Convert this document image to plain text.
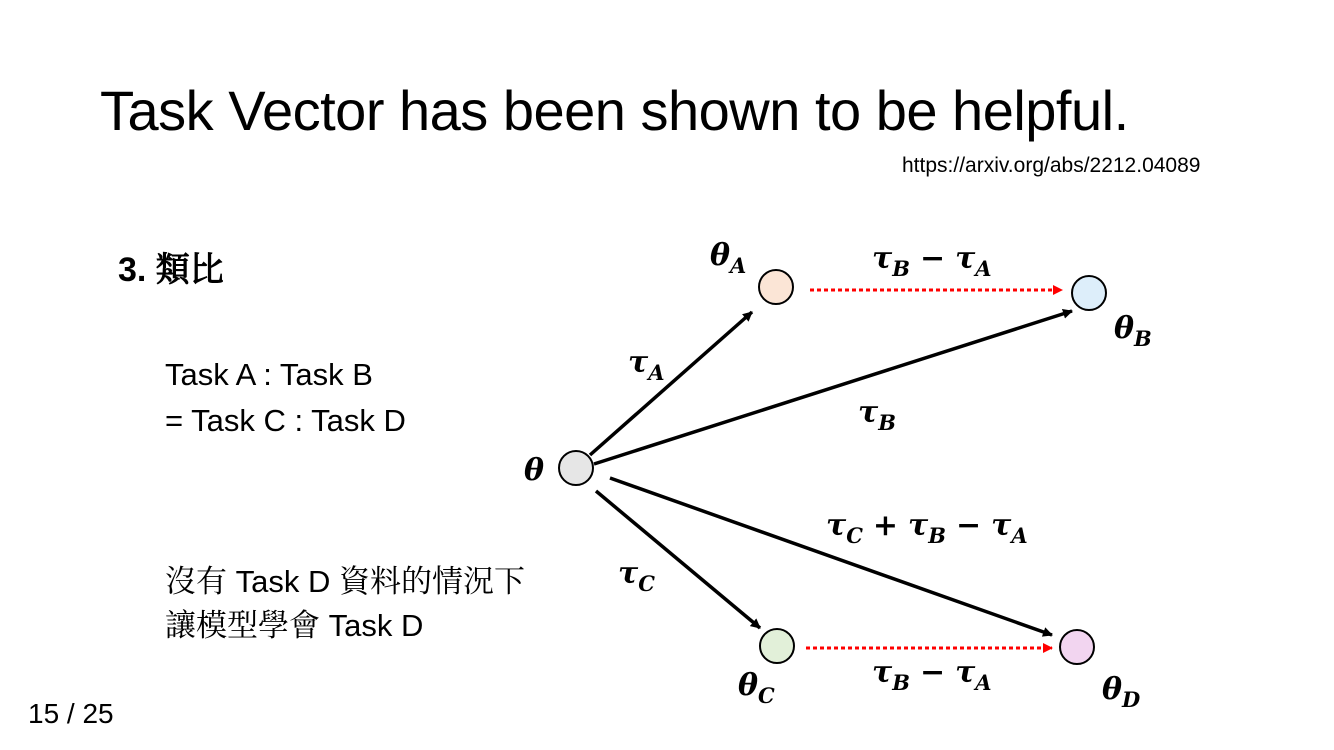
Task Vector has been shown to be helpful.
https://arxiv.org/abs/2212.04089
3. 類比
Task A : Task B
= Task C : Task D
沒有 Task D 資料的情況下
讓模型學會 Task D
15 / 25
θ
$\theta_A$
$\theta_B$
$\theta_C$	$\theta_D$
$\tau_A$
$\tau_B$
$\tau_C$
$\tau_C + \tau_B - \tau_A$
$\tau_B - \tau_A$
$\tau_B - \tau_A$
